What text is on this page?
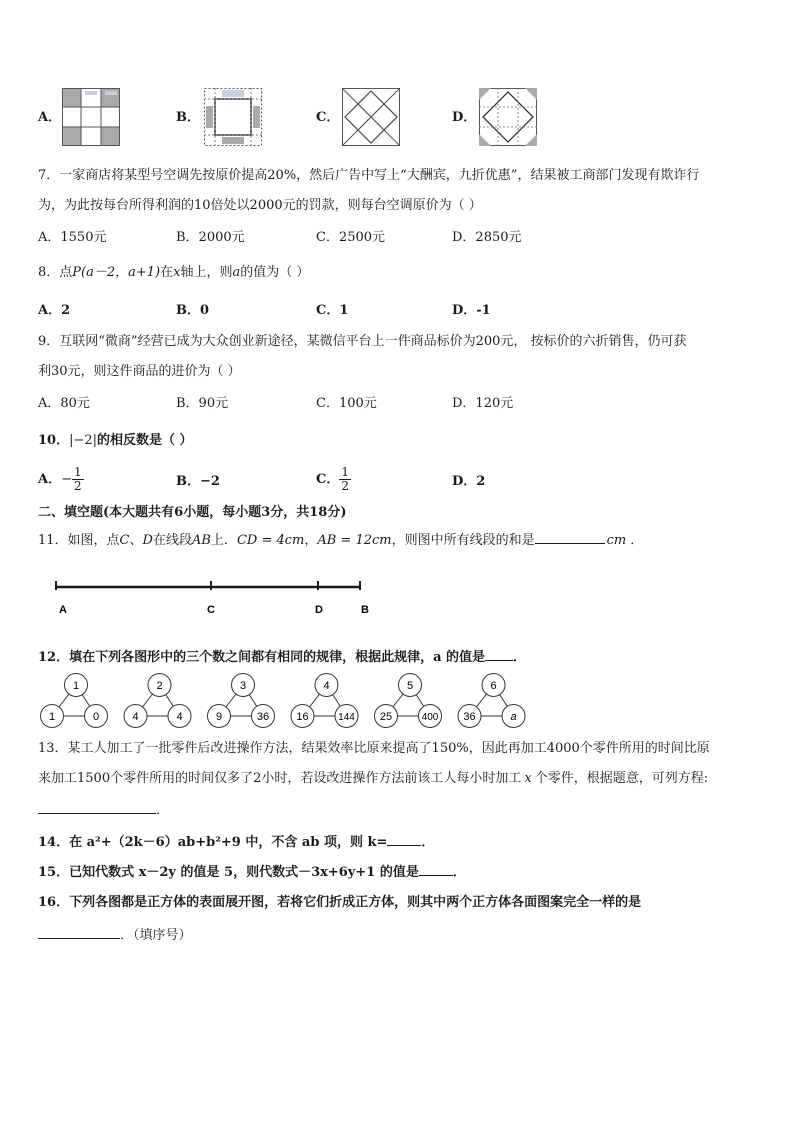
A．	B．	C．	D．
7．一家商店将某型号空调先按原价提高20%，然后广告中写上“大酬宾，九折优惠”，结果被工商部门发现有欺诈行
为，为此按每台所得利润的10倍处以2000元的罚款，则每台空调原价为（ ）
A．1550元	B．2000元	C．2500元	D．2850元
8．点P(a－2，a+1)在x轴上，则a的值为（ ）
A．2	B．0	C．1	D．-1
9．互联网“微商”经营已成为大众创业新途径，某微信平台上一件商品标价为200元， 按标价的六折销售，仍可获
利30元，则这件商品的进价为（ ）
A．80元	B．90元	C．100元	D．120元
10．|−2|的相反数是（ ）
A．− $\frac{1}{2}$	B．−2	C． $\frac{1}{2}$	D．2
二、填空题(本大题共有6小题，每小题3分，共18分)
11．如图，点C、D在线段AB上．CD = 4cm，AB = 12cm，则图中所有线段的和是	cm ．
A	C	D	B
12．填在下列各图形中的三个数之间都有相同的规律，根据此规律，a 的值是 ．
1
1	0
2
4	4
3
9	36
4
16	144
5
25	400
6
36	a
13．某工人加工了一批零件后改进操作方法，结果效率比原来提高了150%，因此再加工4000个零件所用的时间比原
来加工1500个零件所用的时间仅多了2小时，若设改进操作方法前该工人每小时加工 x 个零件，根据题意，可列方程:
．
14．在 a²+（2k－6）ab+b²+9 中，不含 ab 项，则 k=	．
15．已知代数式 x－2y 的值是 5，则代数式－3x+6y+1 的值是	．
16．下列各图都是正方体的表面展开图，若将它们折成正方体，则其中两个正方体各面图案完全一样的是
．（填序号）
